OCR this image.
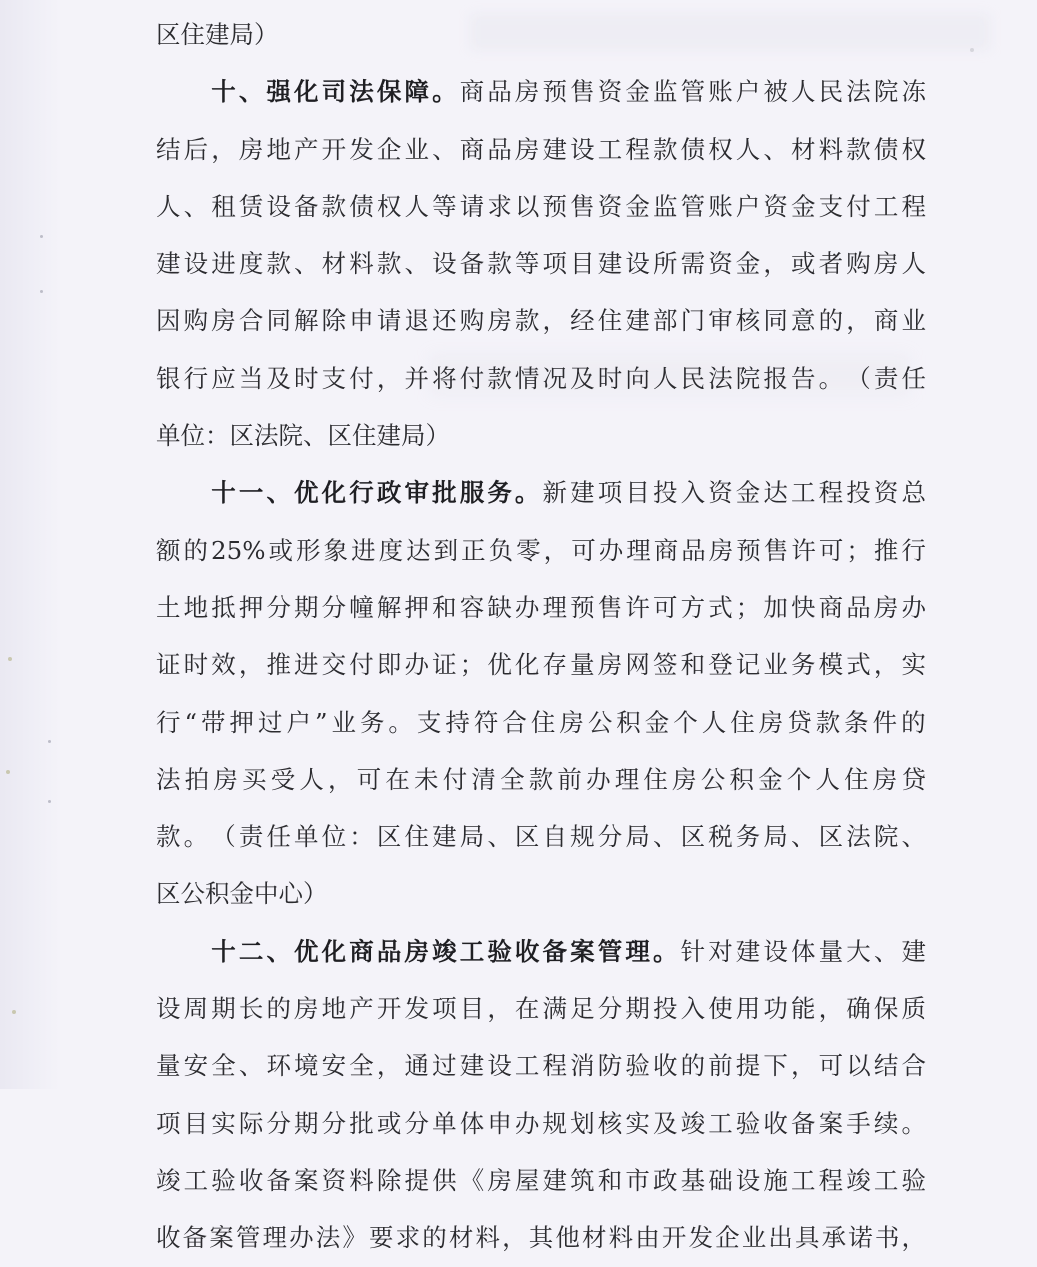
区 住 建 局 ）

十 、 强 化 司 法 保 障 。 商 品 房 预 售 资 金 监 管 账 户 被 人 民 法 院 冻
结 后 ， 房 地 产 开 发 企 业 、 商 品 房 建 设 工 程 款 债 权 人 、 材 料 款 债 权
人 、 租 赁 设 备 款 债 权 人 等 请 求 以 预 售 资 金 监 管 账 户 资 金 支 付 工 程
建 设 进 度 款 、 材 料 款 、 设 备 款 等 项 目 建 设 所 需 资 金 ， 或 者 购 房 人
因 购 房 合 同 解 除 申 请 退 还 购 房 款 ， 经 住 建 部 门 审 核 同 意 的 ， 商 业
银 行 应 当 及 时 支 付 ， 并 将 付 款 情 况 及 时 向 人 民 法 院 报 告 。 （ 责 任
单 位 ： 区 法 院 、 区 住 建 局 ）

十 一 、 优 化 行 政 审 批 服 务 。 新 建 项 目 投 入 资 金 达 工 程 投 资 总
额 的 25% 或 形 象 进 度 达 到 正 负 零 ， 可 办 理 商 品 房 预 售 许 可 ； 推 行
土 地 抵 押 分 期 分 幢 解 押 和 容 缺 办 理 预 售 许 可 方 式 ； 加 快 商 品 房 办
证 时 效 ， 推 进 交 付 即 办 证 ； 优 化 存 量 房 网 签 和 登 记 业 务 模 式 ， 实
行 “ 带 押 过 户 ” 业 务 。 支 持 符 合 住 房 公 积 金 个 人 住 房 贷 款 条 件 的
法 拍 房 买 受 人 ， 可 在 未 付 清 全 款 前 办 理 住 房 公 积 金 个 人 住 房 贷
款 。 （ 责 任 单 位 ： 区 住 建 局 、 区 自 规 分 局 、 区 税 务 局 、 区 法 院 、
区 公 积 金 中 心 ）

十 二 、 优 化 商 品 房 竣 工 验 收 备 案 管 理 。 针 对 建 设 体 量 大 、 建
设 周 期 长 的 房 地 产 开 发 项 目 ， 在 满 足 分 期 投 入 使 用 功 能 ， 确 保 质
量 安 全 、 环 境 安 全 ， 通 过 建 设 工 程 消 防 验 收 的 前 提 下 ， 可 以 结 合
项 目 实 际 分 期 分 批 或 分 单 体 申 办 规 划 核 实 及 竣 工 验 收 备 案 手 续 。
竣 工 验 收 备 案 资 料 除 提 供 《 房 屋 建 筑 和 市 政 基 础 设 施 工 程 竣 工 验
收 备 案 管 理 办 法 》 要 求 的 材 料 ， 其 他 材 料 由 开 发 企 业 出 具 承 诺 书 ，
